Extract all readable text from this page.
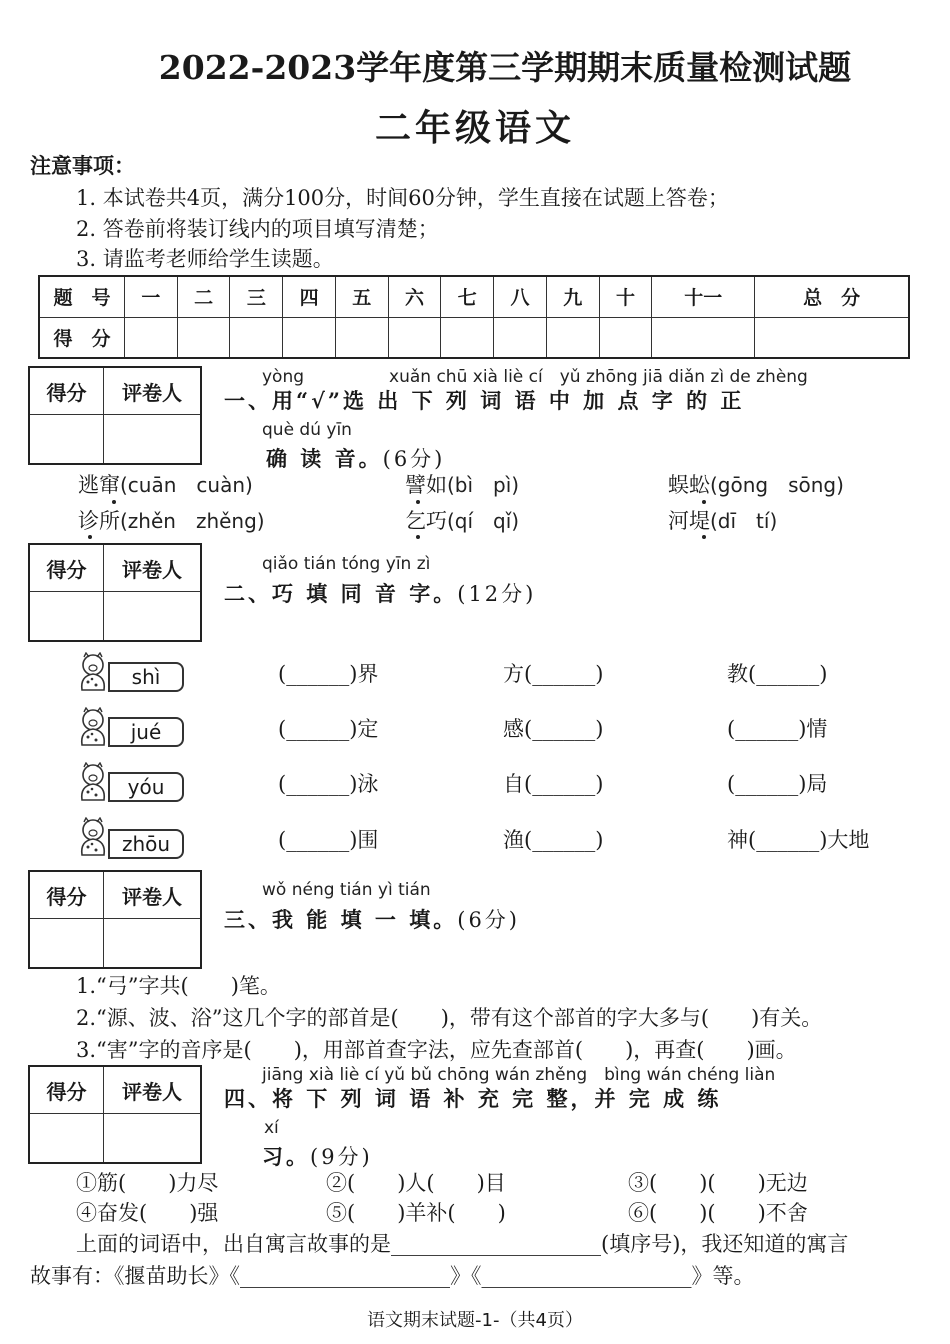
2022-2023学年度第三学期期末质量检测试题
二年级语文
注意事项：
1. 本试卷共4页，满分100分，时间60分钟，学生直接在试题上答卷；
2. 答卷前将装订线内的项目填写清楚；
3. 请监考老师给学生读题。
题　号	一	二	三	四	五	六	七	八	九	十	十一	总　分
得　分												
得分	评卷人
yòng　　　　　xuǎn chū xià liè cí　yǔ zhōng jiā diǎn zì de zhèng
一、用“√”选 出 下 列 词 语 中 加 点 字 的 正
què dú yīn
确 读 音。(6分)
逃窜(cuān　cuàn)	譬如(bì　pì)	蜈蚣(gōng　sōng)
诊所(zhěn　zhěng)	乞巧(qí　qǐ)	河堤(dī　tí)
得分	评卷人	qiǎo tián tóng yīn zì
二、巧 填 同 音 字。(12分)
shì	(______)界	方(______)	教(______)
jué	(______)定	感(______)	(______)情
yóu	(______)泳	自(______)	(______)局
zhōu	(______)围	渔(______)	神(______)大地
得分	评卷人	wǒ néng tián yì tián
三、我 能 填 一 填。(6分)
1.“弓”字共(　　)笔。
2.“源、波、浴”这几个字的部首是(　　)，带有这个部首的字大多与(　　)有关。
3.“害”字的音序是(　　)，用部首查字法，应先查部首(　　)，再查(　　)画。
得分	评卷人
jiāng xià liè cí yǔ bǔ chōng wán zhěng　bìng wán chéng liàn
四、将 下 列 词 语 补 充 完 整，并 完 成 练
xí
习。(9分)
①筋(　　)力尽	②(　　)人(　　)目	③(　　)(　　)无边
④奋发(　　)强	⑤(　　)羊补(　　)	⑥(　　)(　　)不舍
上面的词语中，出自寓言故事的是____________________(填序号)，我还知道的寓言
故事有：《揠苗助长》《____________________》《____________________》等。
语文期末试题-1-（共4页）
